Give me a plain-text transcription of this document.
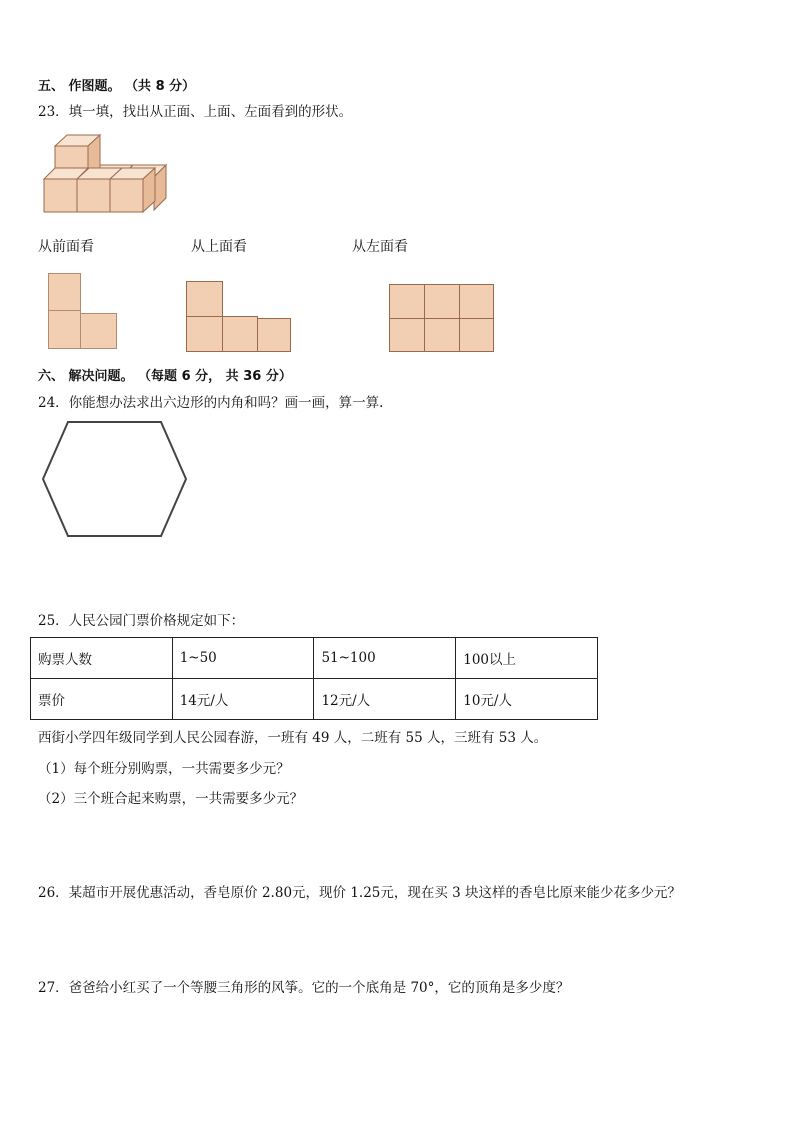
五、 作图题。 （共 8 分）
23．填一填，找出从正面、上面、左面看到的形状。
从前面看	从上面看	从左面看
六、 解决问题。 （每题 6 分， 共 36 分）
24．你能想办法求出六边形的内角和吗？画一画，算一算.
25．人民公园门票价格规定如下：
购票人数	1~50	51~100	100以上
票价	14元/人	12元/人	10元/人
西街小学四年级同学到人民公园春游，一班有 49 人，二班有 55 人，三班有 53 人。
（1）每个班分别购票，一共需要多少元？
（2）三个班合起来购票，一共需要多少元？
26．某超市开展优惠活动，香皂原价 2.80元，现价 1.25元，现在买 3 块这样的香皂比原来能少花多少元？
27．爸爸给小红买了一个等腰三角形的风筝。它的一个底角是 70°，它的顶角是多少度？
